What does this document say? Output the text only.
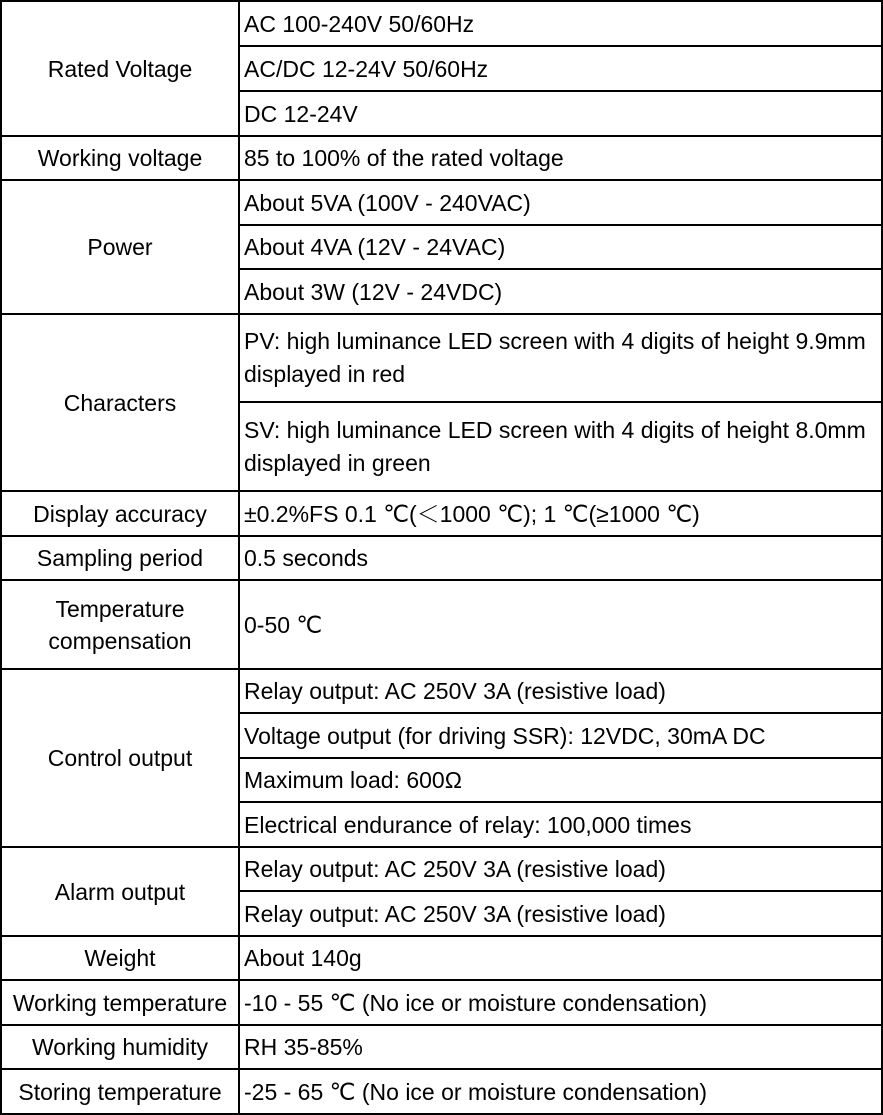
Rated Voltage	AC 100-240V 50/60Hz
	AC/DC 12-24V 50/60Hz
	DC 12-24V
Working voltage	85 to 100% of the rated voltage
Power	About 5VA (100V - 240VAC)
	About 4VA (12V - 24VAC)
	About 3W (12V - 24VDC)
Characters	PV: high luminance LED screen with 4 digits of height 9.9mm displayed in red
	SV: high luminance LED screen with 4 digits of height 8.0mm displayed in green
Display accuracy	±0.2%FS 0.1 ℃(＜1000 ℃); 1 ℃(≥1000 ℃)
Sampling period	0.5 seconds
Temperature compensation	0-50 ℃
Control output	Relay output: AC 250V 3A (resistive load)
	Voltage output (for driving SSR): 12VDC, 30mA DC
	Maximum load: 600Ω
	Electrical endurance of relay: 100,000 times
Alarm output	Relay output: AC 250V 3A (resistive load)
	Relay output: AC 250V 3A (resistive load)
Weight	About 140g
Working temperature	-10 - 55 ℃ (No ice or moisture condensation)
Working humidity	RH 35-85%
Storing temperature	-25 - 65 ℃ (No ice or moisture condensation)
